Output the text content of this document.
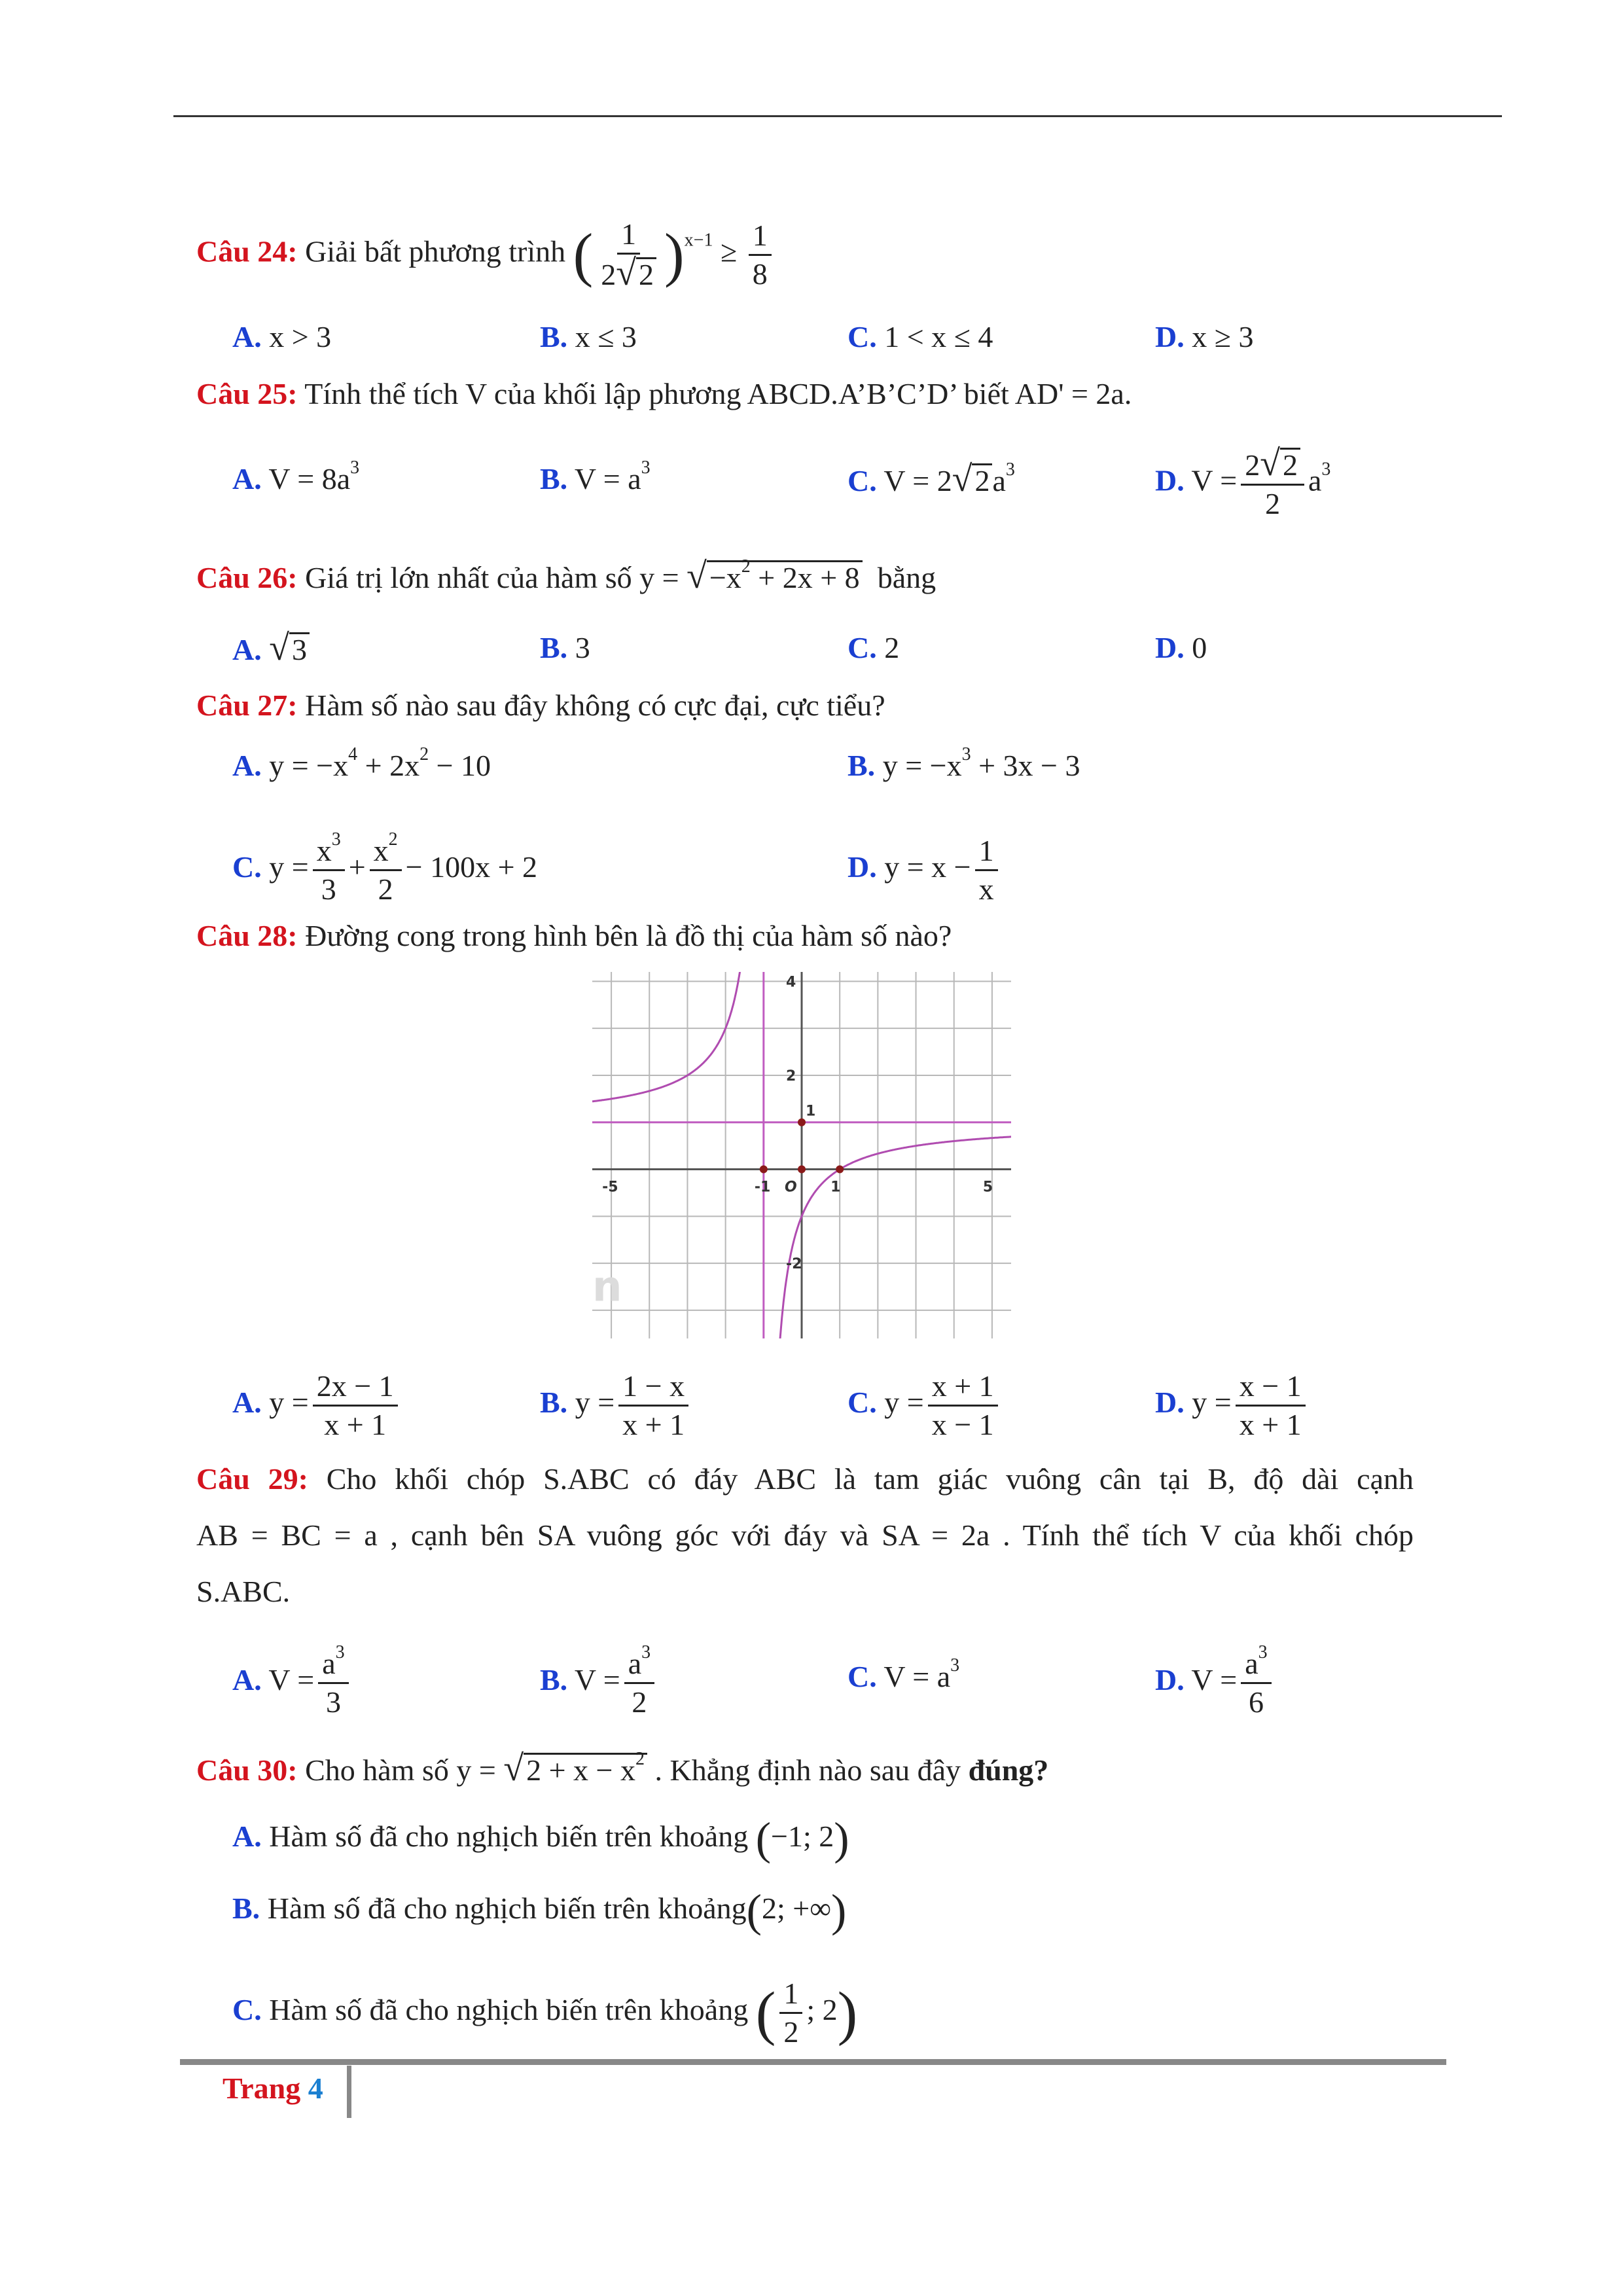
Câu 24: Giải bất phương trình ( $\frac{1}{2√2} )^{x-1} \ge \frac{1}{8}$
A. x > 3	B. x ≤ 3	C. 1 < x ≤ 4	D. x ≥ 3
Câu 25: Tính thể tích V của khối lập phương ABCD.A’B’C’D’ biết AD' = 2a.
A. $V = 8a^3$	B. $V = a^3$	C. $V = 2√2a^3$	D. $V = \frac{2√2}{2} a^3$
Câu 26: Giá trị lớn nhất của hàm số $y = √-x^2 + 2x + 8$ bằng
A. √3	B. 3	C. 2	D. 0
Câu 27: Hàm số nào sau đây không có cực đại, cực tiểu?
A. $y = -x^4 + 2x^2 - 10$	B. $y = -x^3 + 3x - 3$
C. $y = \frac{x^3}{3} + \frac{x^2}{2} - 100x + 2$	D. $y = x - \frac{1}{x}$
Câu 28: Đường cong trong hình bên là đồ thị của hàm số nào?
-5	-1 O 1	5
4
2
1
-2
n
A. $y = \frac{2x - 1}{x + 1}$	B. $y = \frac{1 - x}{x + 1}$	C. $y = \frac{x + 1}{x - 1}$	D. $y = \frac{x - 1}{x + 1}$
Câu 29: Cho khối chóp S.ABC có đáy ABC là tam giác vuông cân tại B, độ dài cạnh
AB = BC = a , cạnh bên SA vuông góc với đáy và SA = 2a . Tính thể tích V của khối chóp
S.ABC.
A. $V = \frac{a^3}{3}$	B. $V = \frac{a^3}{2}$	C. $V = a^3$	D. $V = \frac{a^3}{6}$
Câu 30: Cho hàm số $y = √2 + x - x^2$ . Khẳng định nào sau đây đúng?
A. Hàm số đã cho nghịch biến trên khoảng (−1; 2)
B. Hàm số đã cho nghịch biến trên khoảng(2; +∞)
C. Hàm số đã cho nghịch biến trên khoảng ( $\frac{1}{2}$ ; 2)
Trang 4
